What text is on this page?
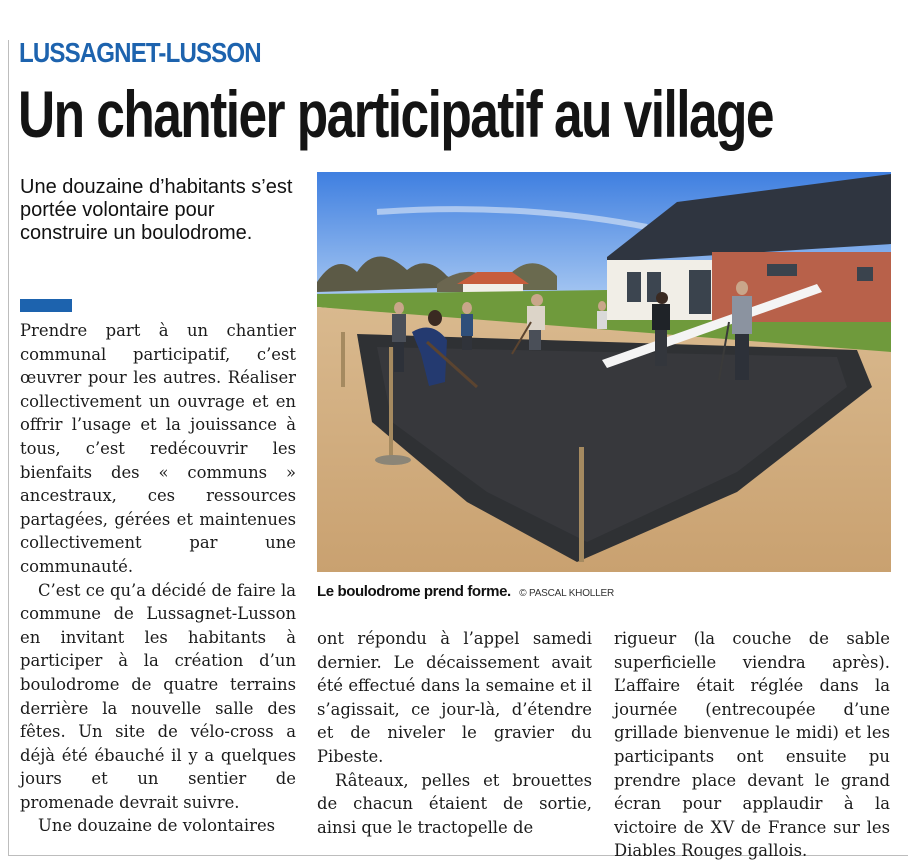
LUSSAGNET-LUSSON
Un chantier participatif au village

Une douzaine d’habitants s’est portée volontaire pour construire un boulodrome.

Le boulodrome prend forme. © PASCAL KHOLLER

Prendre part à un chantier communal participatif, c’est œuvrer pour les autres. Réaliser collectivement un ouvrage et en offrir l’usage et la jouissance à tous, c’est redécouvrir les bienfaits des « communs » ancestraux, ces ressources partagées, gérées et maintenues collectivement par une communauté.

C’est ce qu’a décidé de faire la commune de Lussagnet-Lusson en invitant les habitants à participer à la création d’un boulodrome de quatre terrains derrière la nouvelle salle des fêtes. Un site de vélo-cross a déjà été ébauché il y a quelques jours et un sentier de promenade devrait suivre.

Une douzaine de volontaires

ont répondu à l’appel samedi dernier. Le décaissement avait été effectué dans la semaine et il s’agissait, ce jour-là, d’étendre et de niveler le gravier du Pibeste.

Râteaux, pelles et brouettes de chacun étaient de sortie, ainsi que le tractopelle de

rigueur (la couche de sable superficielle viendra après). L’affaire était réglée dans la journée (entrecoupée d’une grillade bienvenue le midi) et les participants ont ensuite pu prendre place devant le grand écran pour applaudir à la victoire de XV de France sur les Diables Rouges gallois.
